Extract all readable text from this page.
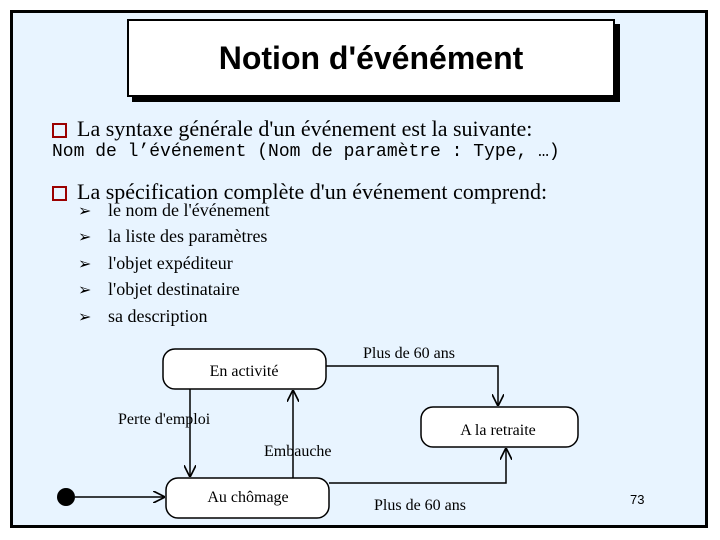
Notion d'événément
La syntaxe générale d'un événement est la suivante:
Nom de l’événement (Nom de paramètre : Type, …)
La spécification complète d'un événement comprend:
➢ le nom de l'événement
➢ la liste des paramètres
➢ l'objet expéditeur
➢ l'objet destinataire
➢ sa description
En activité
Au chômage
A la retraite
Perte d'emploi
Embauche
Plus de 60 ans
Plus de 60 ans	73
